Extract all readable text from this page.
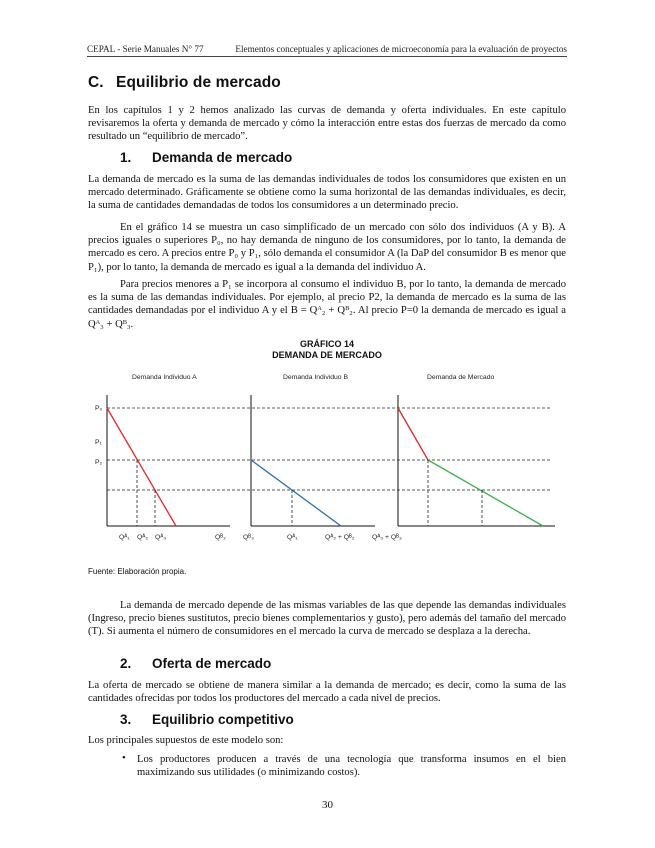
CEPAL - Serie Manuales N° 77	Elementos conceptuales y aplicaciones de microeconomía para la evaluación de proyectos
C. Equilibrio de mercado
En los capítulos 1 y 2 hemos analizado las curvas de demanda y oferta individuales. En este capítulo revisaremos la oferta y demanda de mercado y cómo la interacción entre estas dos fuerzas de mercado da como resultado un “equilibrio de mercado”.
1. Demanda de mercado
La demanda de mercado es la suma de las demandas individuales de todos los consumidores que existen en un mercado determinado. Gráficamente se obtiene como la suma horizontal de las demandas individuales, es decir, la suma de cantidades demandadas de todos los consumidores a un determinado precio.
En el gráfico 14 se muestra un caso simplificado de un mercado con sólo dos individuos (A y B). A precios iguales o superiores P₀, no hay demanda de ninguno de los consumidores, por lo tanto, la demanda de mercado es cero. A precios entre P₀ y P₁, sólo demanda el consumidor A (la DaP del consumidor B es menor que P₁), por lo tanto, la demanda de mercado es igual a la demanda del individuo A.
Para precios menores a P₁ se incorpora al consumo el individuo B, por lo tanto, la demanda de mercado es la suma de las demandas individuales. Por ejemplo, al precio P2, la demanda de mercado es la suma de las cantidades demandadas por el individuo A y el B = Qᴬ₂ + Qᴮ₂. Al precio P=0 la demanda de mercado es igual a Qᴬ₃ + Qᴮ₃.
GRÁFICO 14
DEMANDA DE MERCADO
Demanda Individuo A	Demanda Individuo B	Demanda de Mercado
P₀
P₁
P₂
Qᴬ₁ Qᴬ₂ Qᴬ₃	Qᴮ₂	Qᴮ₃	Qᴬ₁	Qᴬ₂ + Qᴮ₂	Qᴬ₃ + Qᴮ₃
Fuente: Elaboración propia.
La demanda de mercado depende de las mismas variables de las que depende las demandas individuales (Ingreso, precio bienes sustitutos, precio bienes complementarios y gusto), pero además del tamaño del mercado (T). Si aumenta el número de consumidores en el mercado la curva de mercado se desplaza a la derecha.
2. Oferta de mercado
La oferta de mercado se obtiene de manera similar a la demanda de mercado; es decir, como la suma de las cantidades ofrecidas por todos los productores del mercado a cada nivel de precios.
3. Equilibrio competitivo
Los principales supuestos de este modelo son:
• Los productores producen a través de una tecnología que transforma insumos en el bien maximizando sus utilidades (o minimizando costos).
30
